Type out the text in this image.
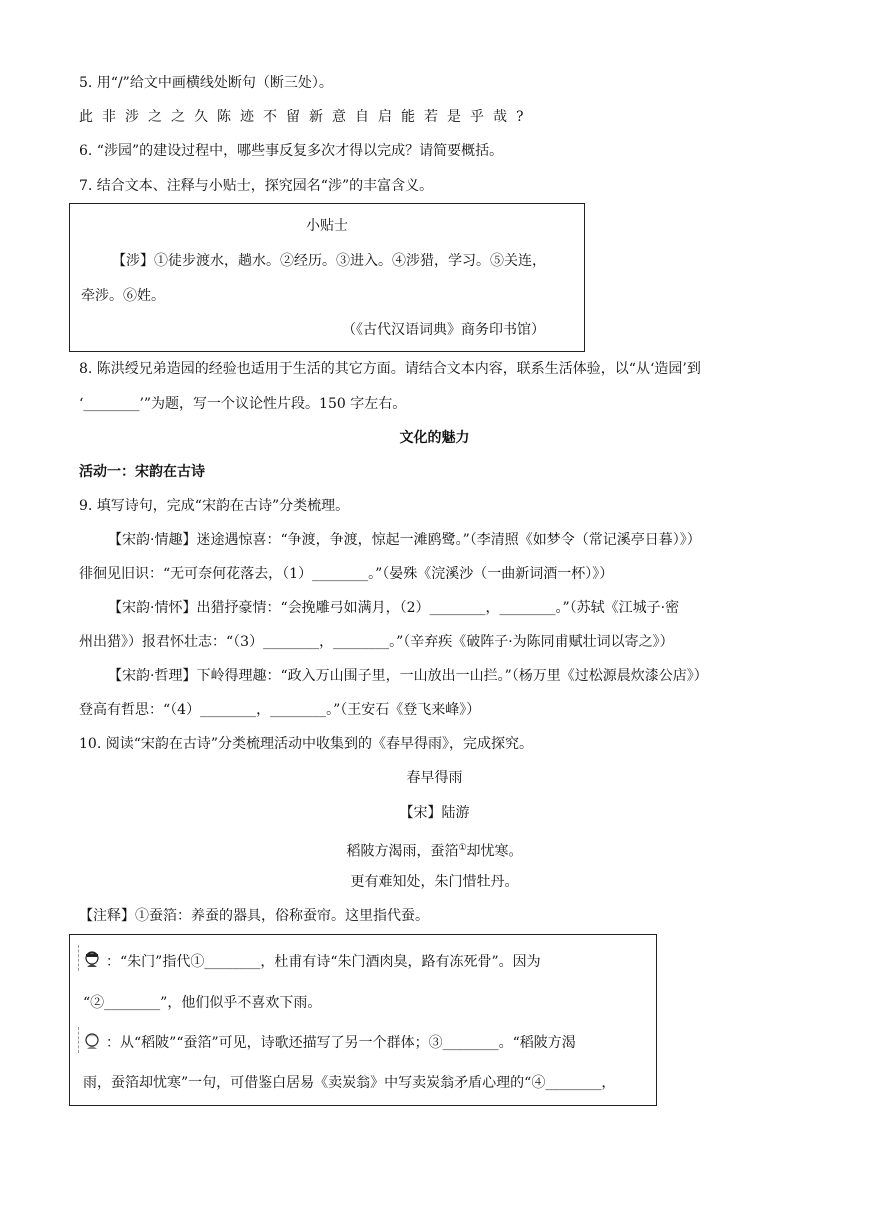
5. 用“/”给文中画横线处断句（断三处）。
此非涉之之久陈迹不留新意自启能若是乎哉?
6. “涉园”的建设过程中，哪些事反复多次才得以完成？请简要概括。
7. 结合文本、注释与小贴士，探究园名“涉”的丰富含义。
小贴士
【涉】①徒步渡水，趟水。②经历。③进入。④涉猎，学习。⑤关连，
牵涉。⑥姓。
（《古代汉语词典》商务印书馆）
8. 陈洪绶兄弟造园的经验也适用于生活的其它方面。请结合文本内容，联系生活体验，以“从‘造园’到
‘________’”为题，写一个议论性片段。150 字左右。
文化的魅力
活动一：宋韵在古诗
9. 填写诗句，完成“宋韵在古诗”分类梳理。
【宋韵·情趣】迷途遇惊喜：“争渡，争渡，惊起一滩鸥鹭。”（李清照《如梦令（常记溪亭日暮）》）
徘徊见旧识：“无可奈何花落去，（1）________。”（晏殊《浣溪沙（一曲新词酒一杯）》）
【宋韵·情怀】出猎抒豪情：“会挽雕弓如满月，（2）________，________。”（苏轼《江城子·密
州出猎》）报君怀壮志：“（3）________，________。”（辛弃疾《破阵子·为陈同甫赋壮词以寄之》）
【宋韵·哲理】下岭得理趣：“政入万山围子里，一山放出一山拦。”（杨万里《过松源晨炊漆公店》）
登高有哲思：“（4）________，________。”（王安石《登飞来峰》）
10. 阅读“宋韵在古诗”分类梳理活动中收集到的《春早得雨》，完成探究。
春早得雨
【宋】陆游
稻陂方渴雨，蚕箔①却忧寒。
更有难知处，朱门惜牡丹。
【注释】①蚕箔：养蚕的器具，俗称蚕帘。这里指代蚕。
：“朱门”指代①________，杜甫有诗“朱门酒肉臭，路有冻死骨”。因为
“②________”，他们似乎不喜欢下雨。
：从“稻陂”“蚕箔”可见，诗歌还描写了另一个群体；③________。“稻陂方渴
雨，蚕箔却忧寒”一句，可借鉴白居易《卖炭翁》中写卖炭翁矛盾心理的“④________，
